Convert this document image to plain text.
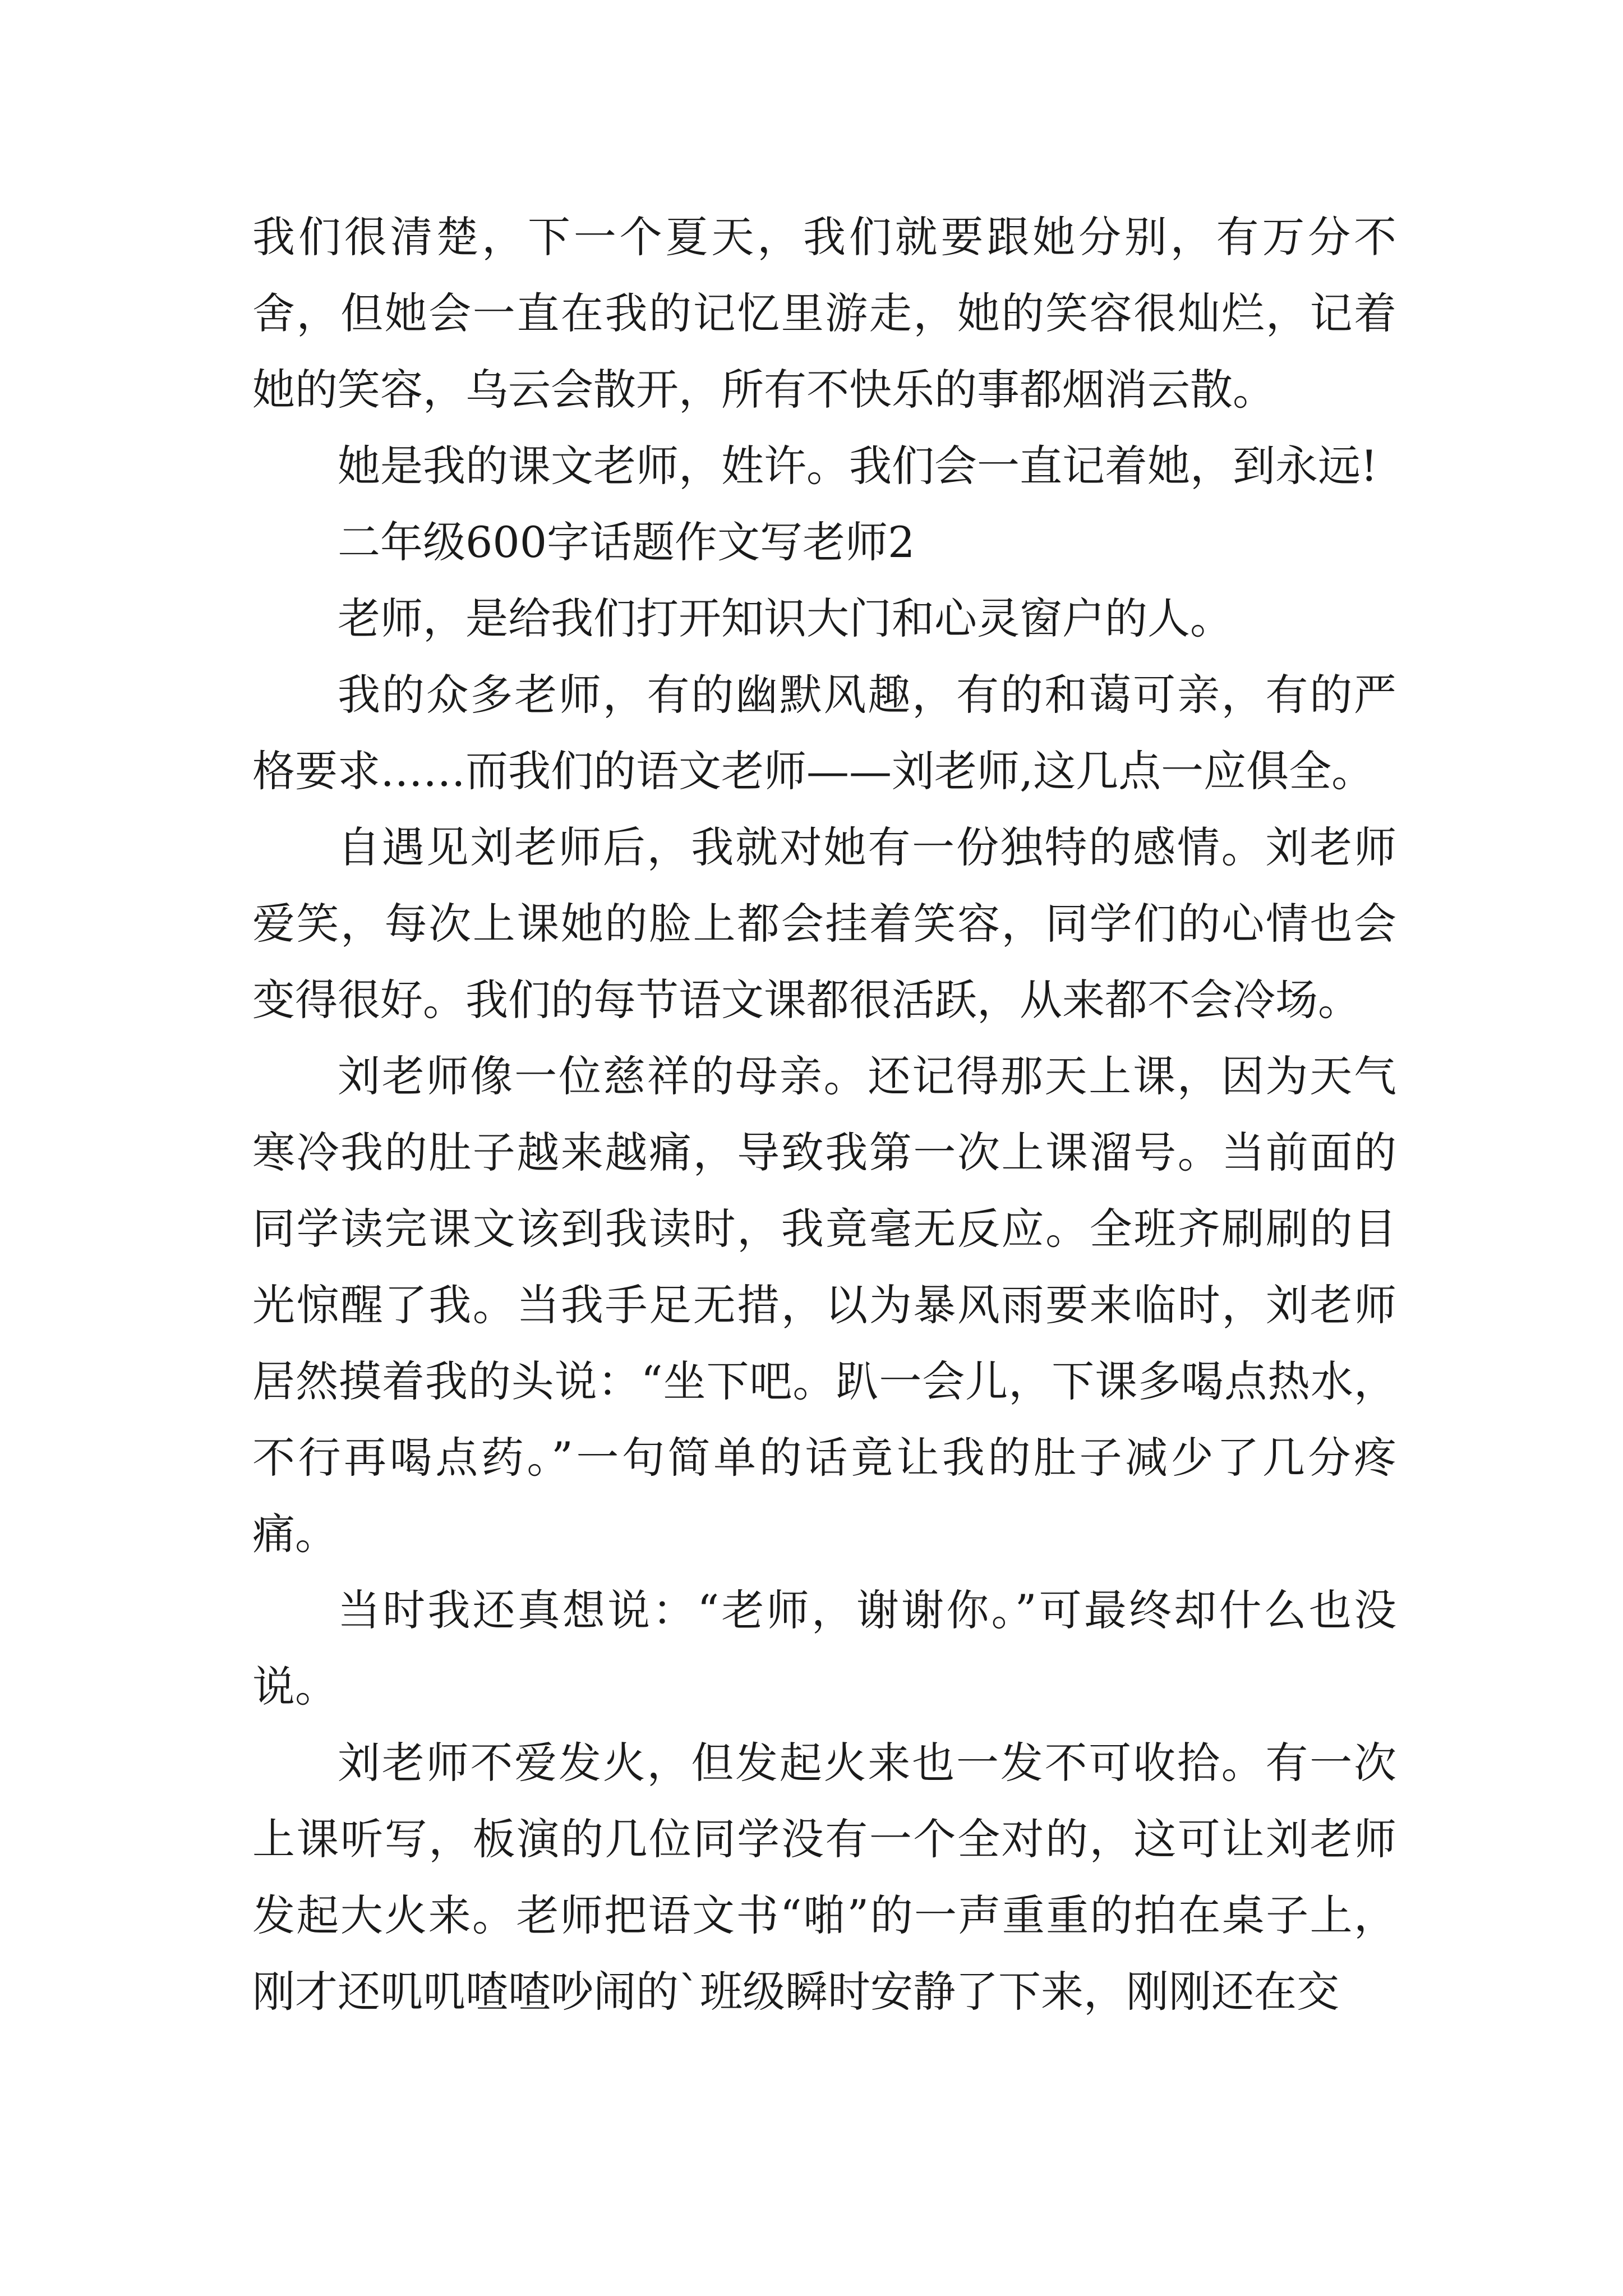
我们很清楚，下一个夏天，我们就要跟她分别，有万分不舍，但她会一直在我的记忆里游走，她的笑容很灿烂，记着她的笑容，乌云会散开，所有不快乐的事都烟消云散。

她是我的课文老师，姓许。我们会一直记着她，到永远!

二年级600字话题作文写老师2

老师，是给我们打开知识大门和心灵窗户的人。

我的众多老师，有的幽默风趣，有的和蔼可亲，有的严格要求……而我们的语文老师——刘老师,这几点一应俱全。

自遇见刘老师后，我就对她有一份独特的感情。刘老师爱笑，每次上课她的脸上都会挂着笑容，同学们的心情也会变得很好。我们的每节语文课都很活跃，从来都不会冷场。

刘老师像一位慈祥的母亲。还记得那天上课，因为天气寒冷我的肚子越来越痛，导致我第一次上课溜号。当前面的同学读完课文该到我读时，我竟毫无反应。全班齐刷刷的目光惊醒了我。当我手足无措，以为暴风雨要来临时，刘老师居然摸着我的头说：“坐下吧。趴一会儿，下课多喝点热水，不行再喝点药。”一句简单的话竟让我的肚子减少了几分疼痛。

当时我还真想说：“老师，谢谢你。”可最终却什么也没说。

刘老师不爱发火，但发起火来也一发不可收拾。有一次上课听写，板演的几位同学没有一个全对的，这可让刘老师发起大火来。老师把语文书“啪”的一声重重的拍在桌子上，刚才还叽叽喳喳吵闹的`班级瞬时安静了下来，刚刚还在交
